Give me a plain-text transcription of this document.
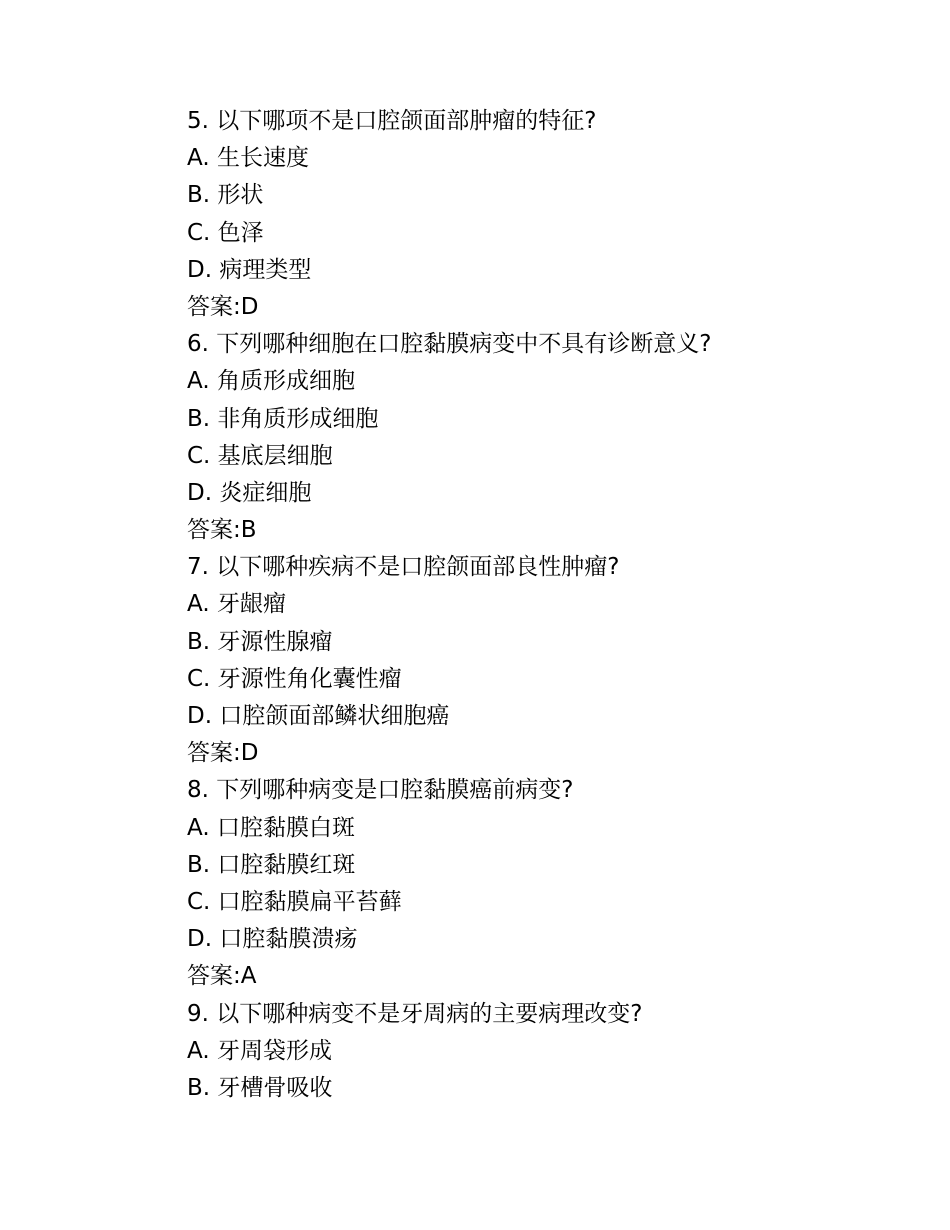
5. 以下哪项不是口腔颌面部肿瘤的特征?
A. 生长速度
B. 形状
C. 色泽
D. 病理类型
答案:D
6. 下列哪种细胞在口腔黏膜病变中不具有诊断意义?
A. 角质形成细胞
B. 非角质形成细胞
C. 基底层细胞
D. 炎症细胞
答案:B
7. 以下哪种疾病不是口腔颌面部良性肿瘤?
A. 牙龈瘤
B. 牙源性腺瘤
C. 牙源性角化囊性瘤
D. 口腔颌面部鳞状细胞癌
答案:D
8. 下列哪种病变是口腔黏膜癌前病变?
A. 口腔黏膜白斑
B. 口腔黏膜红斑
C. 口腔黏膜扁平苔藓
D. 口腔黏膜溃疡
答案:A
9. 以下哪种病变不是牙周病的主要病理改变?
A. 牙周袋形成
B. 牙槽骨吸收
